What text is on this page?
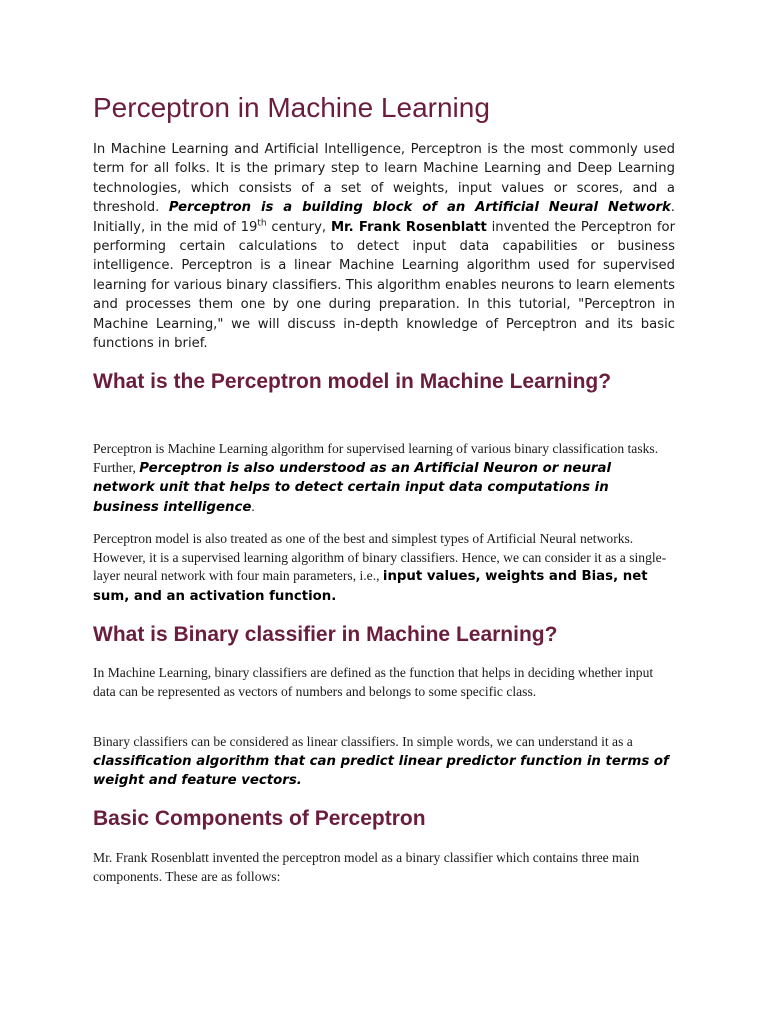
Perceptron in Machine Learning

In Machine Learning and Artificial Intelligence, Perceptron is the most commonly used term for all folks. It is the primary step to learn Machine Learning and Deep Learning technologies, which consists of a set of weights, input values or scores, and a threshold. Perceptron is a building block of an Artificial Neural Network. Initially, in the mid of 19th century, Mr. Frank Rosenblatt invented the Perceptron for performing certain calculations to detect input data capabilities or business intelligence. Perceptron is a linear Machine Learning algorithm used for supervised learning for various binary classifiers. This algorithm enables neurons to learn elements and processes them one by one during preparation. In this tutorial, "Perceptron in Machine Learning," we will discuss in-depth knowledge of Perceptron and its basic functions in brief.

What is the Perceptron model in Machine Learning?

Perceptron is Machine Learning algorithm for supervised learning of various binary classification tasks. Further, Perceptron is also understood as an Artificial Neuron or neural network unit that helps to detect certain input data computations in business intelligence.

Perceptron model is also treated as one of the best and simplest types of Artificial Neural networks. However, it is a supervised learning algorithm of binary classifiers. Hence, we can consider it as a single-layer neural network with four main parameters, i.e., input values, weights and Bias, net sum, and an activation function.

What is Binary classifier in Machine Learning?

In Machine Learning, binary classifiers are defined as the function that helps in deciding whether input data can be represented as vectors of numbers and belongs to some specific class.

Binary classifiers can be considered as linear classifiers. In simple words, we can understand it as a classification algorithm that can predict linear predictor function in terms of weight and feature vectors.

Basic Components of Perceptron

Mr. Frank Rosenblatt invented the perceptron model as a binary classifier which contains three main components. These are as follows:
